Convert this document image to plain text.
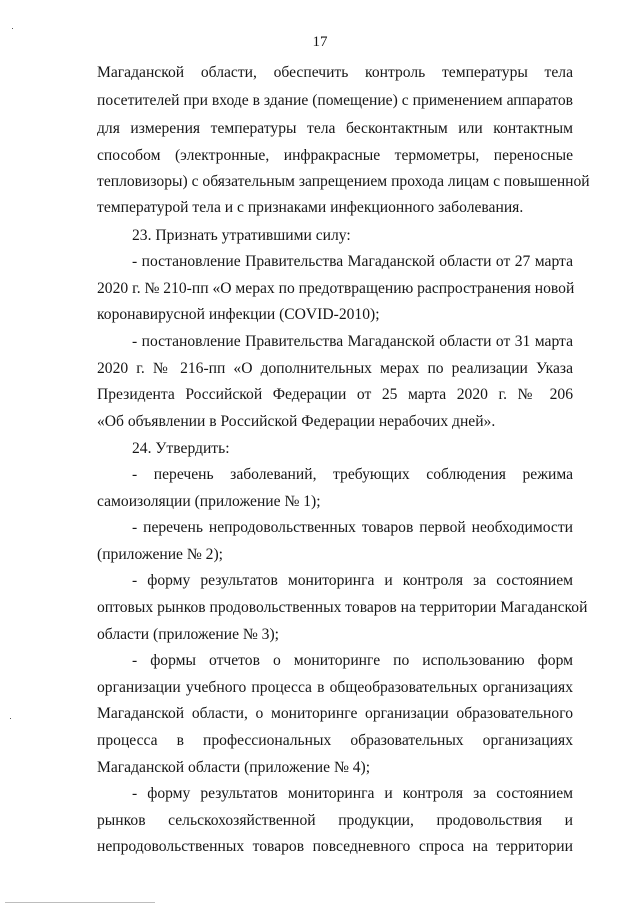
17
Магаданской области, обеспечить контроль температуры тела
посетителей при входе в здание (помещение) с применением аппаратов
для измерения температуры тела бесконтактным или контактным
способом (электронные, инфракрасные термометры, переносные
тепловизоры) с обязательным запрещением прохода лицам с повышенной
температурой тела и с признаками инфекционного заболевания.
23. Признать утратившими силу:
- постановление Правительства Магаданской области от 27 марта
2020 г. № 210-пп «О мерах по предотвращению распространения новой
коронавирусной инфекции (COVID-2010);
- постановление Правительства Магаданской области от 31 марта
2020 г. № 216-пп «О дополнительных мерах по реализации Указа
Президента Российской Федерации от 25 марта 2020 г. № 206
«Об объявлении в Российской Федерации нерабочих дней».
24. Утвердить:
- перечень заболеваний, требующих соблюдения режима
самоизоляции (приложение № 1);
- перечень непродовольственных товаров первой необходимости
(приложение № 2);
- форму результатов мониторинга и контроля за состоянием
оптовых рынков продовольственных товаров на территории Магаданской
области (приложение № 3);
- формы отчетов о мониторинге по использованию форм
организации учебного процесса в общеобразовательных организациях
Магаданской области, о мониторинге организации образовательного
процесса в профессиональных образовательных организациях
Магаданской области (приложение № 4);
- форму результатов мониторинга и контроля за состоянием
рынков сельскохозяйственной продукции, продовольствия и
непродовольственных товаров повседневного спроса на территории
